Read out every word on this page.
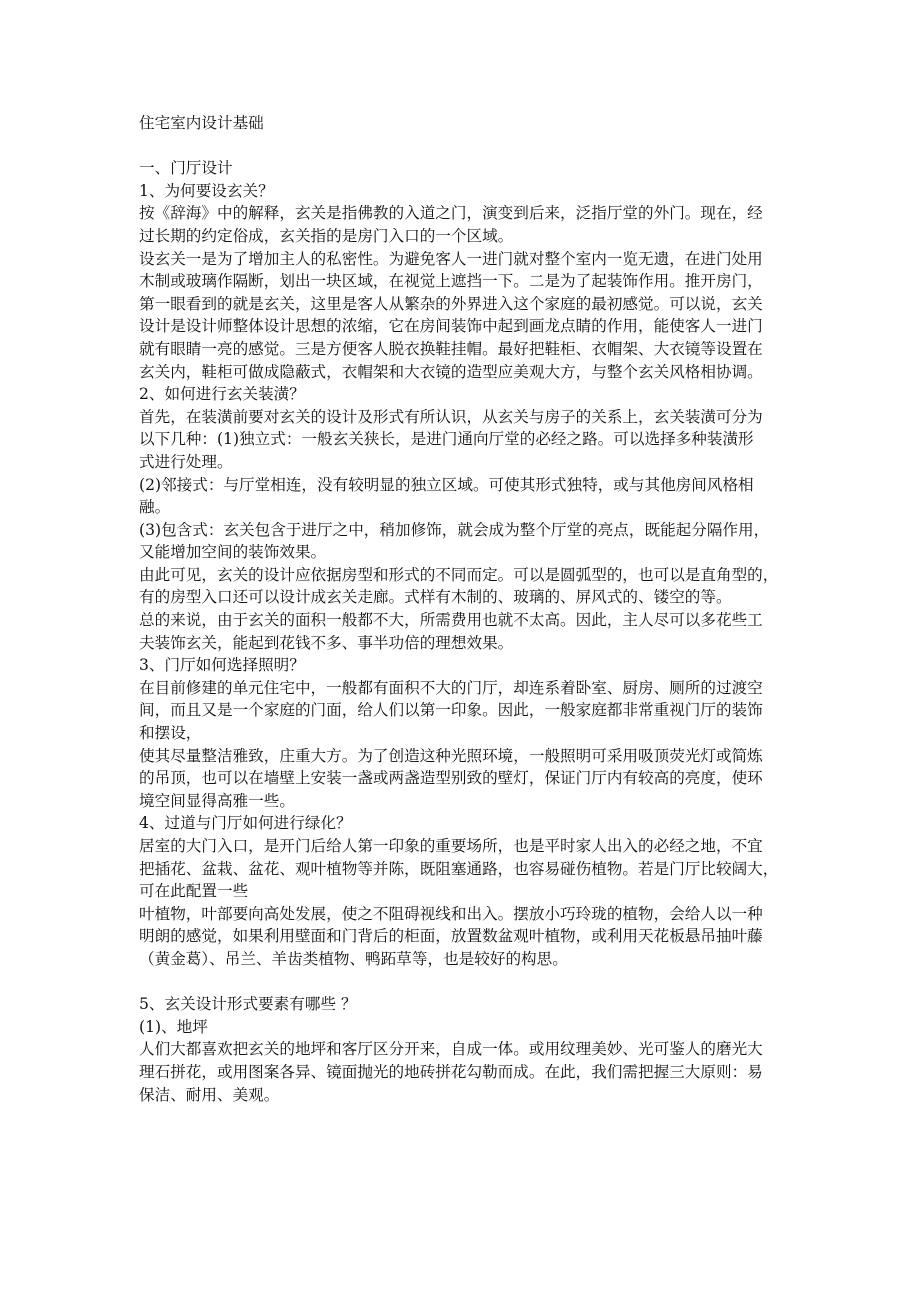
住宅室内设计基础
一、门厅设计
1、为何要设玄关？
按《辞海》中的解释，玄关是指佛教的入道之门，演变到后来，泛指厅堂的外门。现在，经
过长期的约定俗成，玄关指的是房门入口的一个区域。
设玄关一是为了增加主人的私密性。为避免客人一进门就对整个室内一览无遗，在进门处用
木制或玻璃作隔断，划出一块区域，在视觉上遮挡一下。二是为了起装饰作用。推开房门，
第一眼看到的就是玄关，这里是客人从繁杂的外界进入这个家庭的最初感觉。可以说，玄关
设计是设计师整体设计思想的浓缩，它在房间装饰中起到画龙点睛的作用，能使客人一进门
就有眼睛一亮的感觉。三是方便客人脱衣换鞋挂帽。最好把鞋柜、衣帽架、大衣镜等设置在
玄关内，鞋柜可做成隐蔽式，衣帽架和大衣镜的造型应美观大方，与整个玄关风格相协调。
2、如何进行玄关装潢？
首先，在装潢前要对玄关的设计及形式有所认识，从玄关与房子的关系上，玄关装潢可分为
以下几种：(1)独立式：一般玄关狭长，是进门通向厅堂的必经之路。可以选择多种装潢形
式进行处理。
(2)邻接式：与厅堂相连，没有较明显的独立区域。可使其形式独特，或与其他房间风格相
融。
(3)包含式：玄关包含于进厅之中，稍加修饰，就会成为整个厅堂的亮点，既能起分隔作用，
又能增加空间的装饰效果。
由此可见，玄关的设计应依据房型和形式的不同而定。可以是圆弧型的，也可以是直角型的，
有的房型入口还可以设计成玄关走廊。式样有木制的、玻璃的、屏风式的、镂空的等。
总的来说，由于玄关的面积一般都不大，所需费用也就不太高。因此，主人尽可以多花些工
夫装饰玄关，能起到花钱不多、事半功倍的理想效果。
3、门厅如何选择照明？
在目前修建的单元住宅中，一般都有面积不大的门厅，却连系着卧室、厨房、厕所的过渡空
间，而且又是一个家庭的门面，给人们以第一印象。因此，一般家庭都非常重视门厅的装饰
和摆设，
使其尽量整洁雅致，庄重大方。为了创造这种光照环境，一般照明可采用吸顶荧光灯或简炼
的吊顶，也可以在墙壁上安装一盏或两盏造型别致的壁灯，保证门厅内有较高的亮度，使环
境空间显得高雅一些。
4、过道与门厅如何进行绿化？
居室的大门入口，是开门后给人第一印象的重要场所，也是平时家人出入的必经之地，不宜
把插花、盆栽、盆花、观叶植物等并陈，既阻塞通路，也容易碰伤植物。若是门厅比较阔大，
可在此配置一些
叶植物，叶部要向高处发展，使之不阻碍视线和出入。摆放小巧玲珑的植物，会给人以一种
明朗的感觉，如果利用壁面和门背后的柜面，放置数盆观叶植物，或利用天花板悬吊抽叶藤
（黄金葛）、吊兰、羊齿类植物、鸭跖草等，也是较好的构思。
5、玄关设计形式要素有哪些 ？
(1)、地坪
人们大都喜欢把玄关的地坪和客厅区分开来，自成一体。或用纹理美妙、光可鉴人的磨光大
理石拼花，或用图案各异、镜面抛光的地砖拼花勾勒而成。在此，我们需把握三大原则：易
保洁、耐用、美观。
